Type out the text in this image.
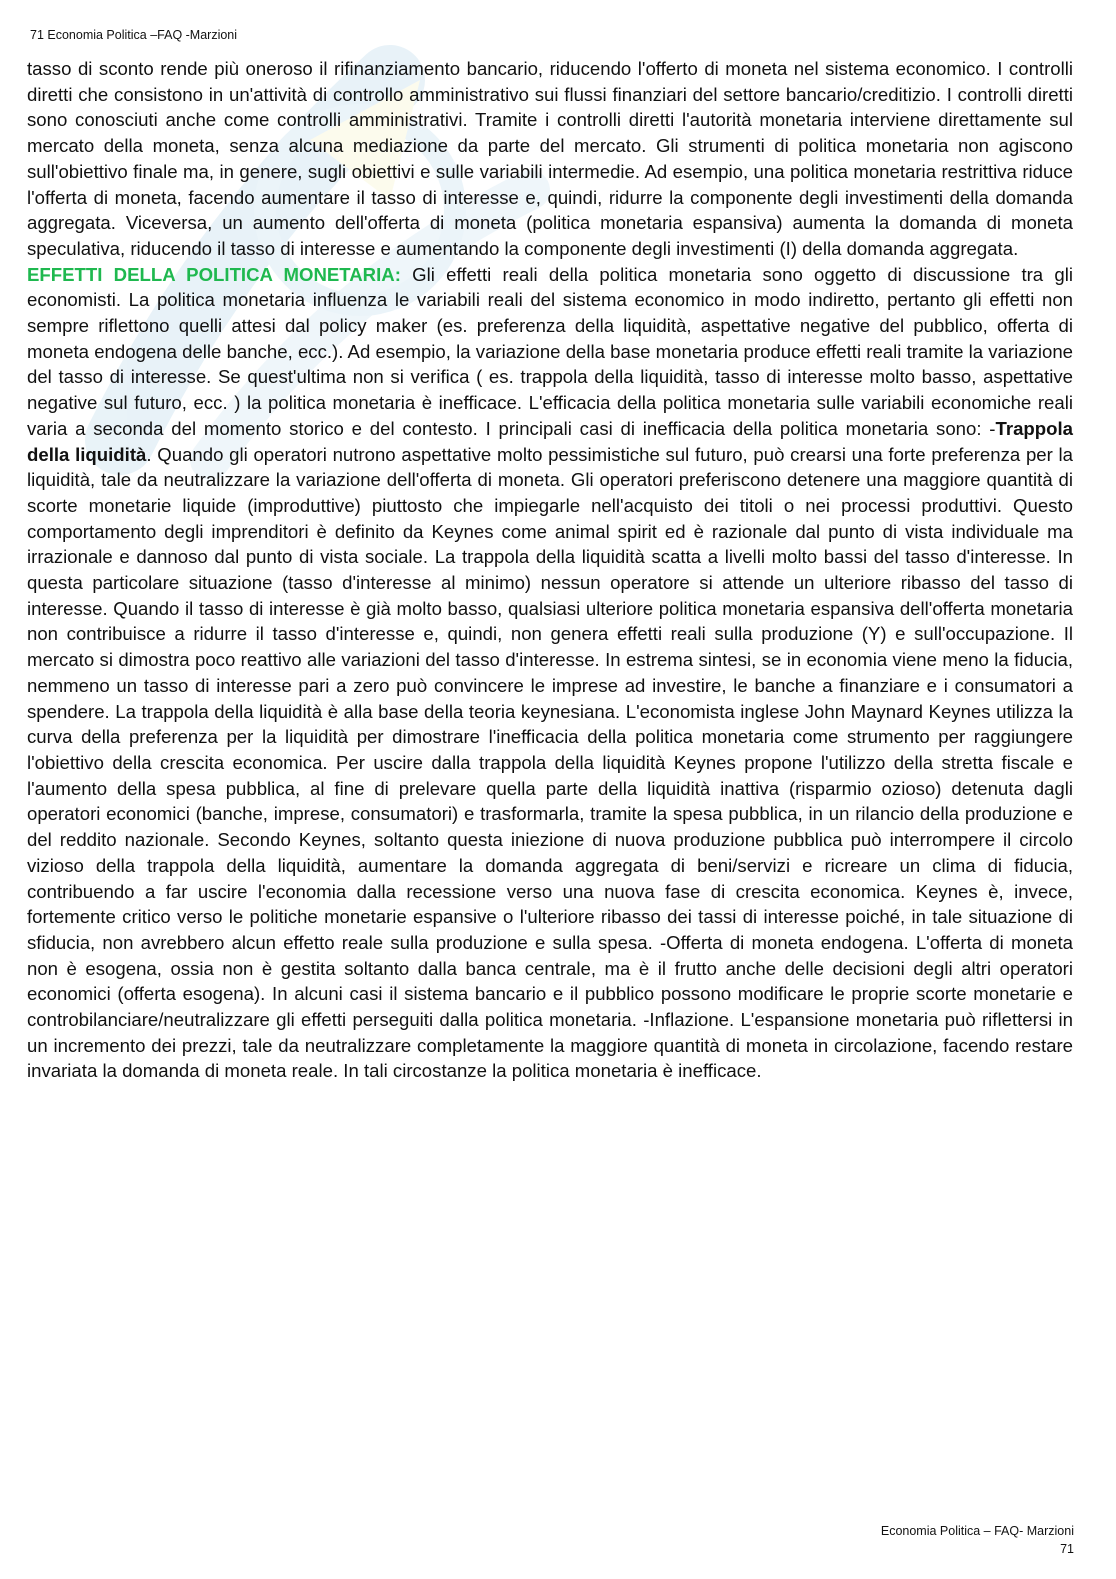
71 Economia Politica –FAQ -Marzioni

tasso di sconto rende più oneroso il rifinanziamento bancario, riducendo l'offerto di moneta nel sistema economico. I controlli diretti che consistono in un'attività di controllo amministrativo sui flussi finanziari del settore bancario/creditizio. I controlli diretti sono conosciuti anche come controlli amministrativi. Tramite i controlli diretti l'autorità monetaria interviene direttamente sul mercato della moneta, senza alcuna mediazione da parte del mercato. Gli strumenti di politica monetaria non agiscono sull'obiettivo finale ma, in genere, sugli obiettivi e sulle variabili intermedie. Ad esempio, una politica monetaria restrittiva riduce l'offerta di moneta, facendo aumentare il tasso di interesse e, quindi, ridurre la componente degli investimenti della domanda aggregata. Viceversa, un aumento dell'offerta di moneta (politica monetaria espansiva) aumenta la domanda di moneta speculativa, riducendo il tasso di interesse e aumentando la componente degli investimenti (I) della domanda aggregata.

EFFETTI DELLA POLITICA MONETARIA: Gli effetti reali della politica monetaria sono oggetto di discussione tra gli economisti. La politica monetaria influenza le variabili reali del sistema economico in modo indiretto, pertanto gli effetti non sempre riflettono quelli attesi dal policy maker (es. preferenza della liquidità, aspettative negative del pubblico, offerta di moneta endogena delle banche, ecc.). Ad esempio, la variazione della base monetaria produce effetti reali tramite la variazione del tasso di interesse. Se quest'ultima non si verifica ( es. trappola della liquidità, tasso di interesse molto basso, aspettative negative sul futuro, ecc. ) la politica monetaria è inefficace. L'efficacia della politica monetaria sulle variabili economiche reali varia a seconda del momento storico e del contesto. I principali casi di inefficacia della politica monetaria sono: -Trappola della liquidità. Quando gli operatori nutrono aspettative molto pessimistiche sul futuro, può crearsi una forte preferenza per la liquidità, tale da neutralizzare la variazione dell'offerta di moneta. Gli operatori preferiscono detenere una maggiore quantità di scorte monetarie liquide (improduttive) piuttosto che impiegarle nell'acquisto dei titoli o nei processi produttivi. Questo comportamento degli imprenditori è definito da Keynes come animal spirit ed è razionale dal punto di vista individuale ma irrazionale e dannoso dal punto di vista sociale. La trappola della liquidità scatta a livelli molto bassi del tasso d'interesse. In questa particolare situazione (tasso d'interesse al minimo) nessun operatore si attende un ulteriore ribasso del tasso di interesse. Quando il tasso di interesse è già molto basso, qualsiasi ulteriore politica monetaria espansiva dell'offerta monetaria non contribuisce a ridurre il tasso d'interesse e, quindi, non genera effetti reali sulla produzione (Y) e sull'occupazione. Il mercato si dimostra poco reattivo alle variazioni del tasso d'interesse. In estrema sintesi, se in economia viene meno la fiducia, nemmeno un tasso di interesse pari a zero può convincere le imprese ad investire, le banche a finanziare e i consumatori a spendere. La trappola della liquidità è alla base della teoria keynesiana. L'economista inglese John Maynard Keynes utilizza la curva della preferenza per la liquidità per dimostrare l'inefficacia della politica monetaria come strumento per raggiungere l'obiettivo della crescita economica. Per uscire dalla trappola della liquidità Keynes propone l'utilizzo della stretta fiscale e l'aumento della spesa pubblica, al fine di prelevare quella parte della liquidità inattiva (risparmio ozioso) detenuta dagli operatori economici (banche, imprese, consumatori) e trasformarla, tramite la spesa pubblica, in un rilancio della produzione e del reddito nazionale. Secondo Keynes, soltanto questa iniezione di nuova produzione pubblica può interrompere il circolo vizioso della trappola della liquidità, aumentare la domanda aggregata di beni/servizi e ricreare un clima di fiducia, contribuendo a far uscire l'economia dalla recessione verso una nuova fase di crescita economica. Keynes è, invece, fortemente critico verso le politiche monetarie espansive o l'ulteriore ribasso dei tassi di interesse poiché, in tale situazione di sfiducia, non avrebbero alcun effetto reale sulla produzione e sulla spesa. -Offerta di moneta endogena. L'offerta di moneta non è esogena, ossia non è gestita soltanto dalla banca centrale, ma è il frutto anche delle decisioni degli altri operatori economici (offerta esogena). In alcuni casi il sistema bancario e il pubblico possono modificare le proprie scorte monetarie e controbilanciare/neutralizzare gli effetti perseguiti dalla politica monetaria. -Inflazione. L'espansione monetaria può riflettersi in un incremento dei prezzi, tale da neutralizzare completamente la maggiore quantità di moneta in circolazione, facendo restare invariata la domanda di moneta reale. In tali circostanze la politica monetaria è inefficace.

Economia Politica – FAQ- Marzioni
71
